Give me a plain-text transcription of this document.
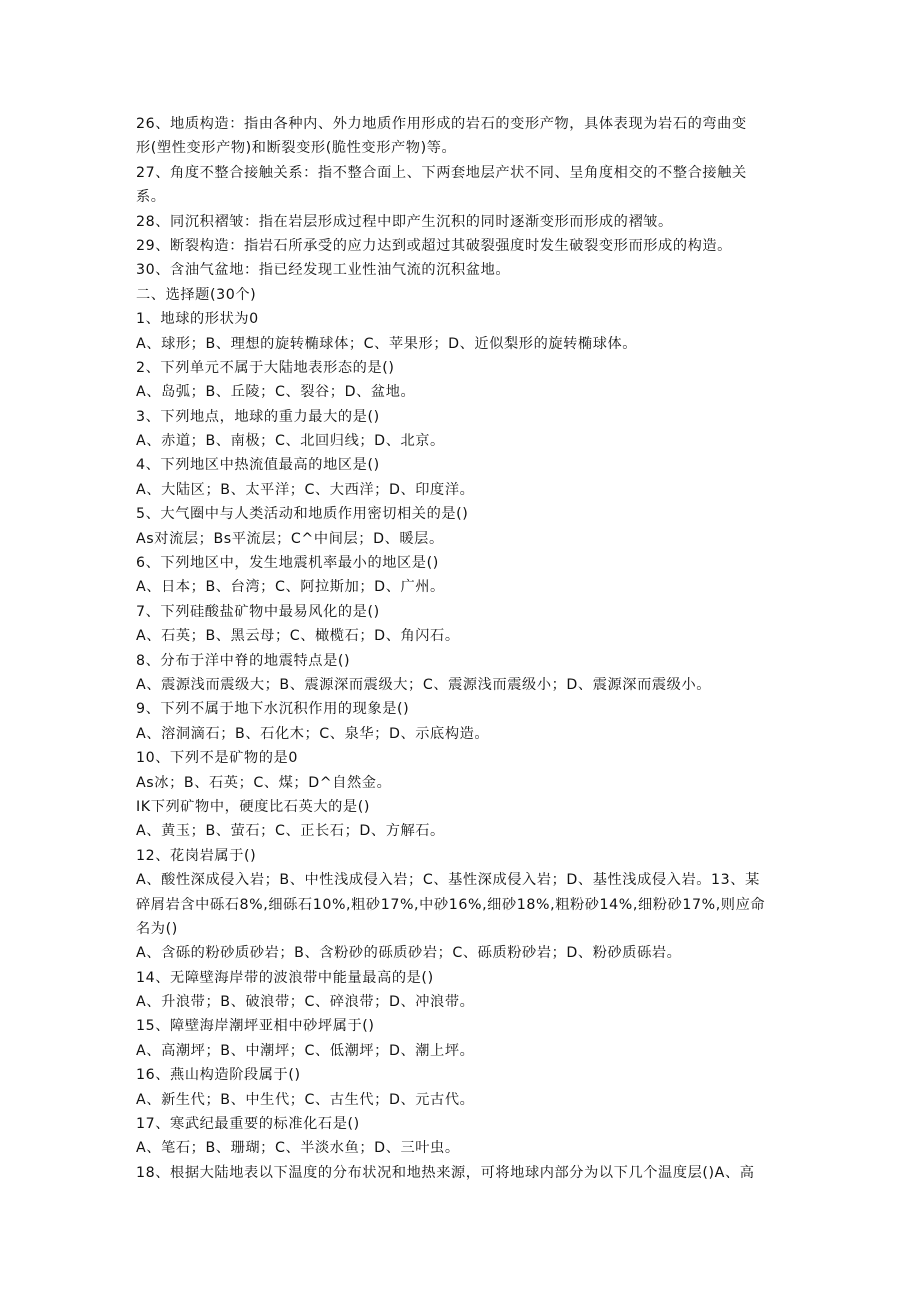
26、地质构造：指由各种内、外力地质作用形成的岩石的变形产物，具体表现为岩石的弯曲变
形(塑性变形产物)和断裂变形(脆性变形产物)等。
27、角度不整合接触关系：指不整合面上、下两套地层产状不同、呈角度相交的不整合接触关
系。
28、同沉积褶皱：指在岩层形成过程中即产生沉积的同时逐渐变形而形成的褶皱。
29、断裂构造：指岩石所承受的应力达到或超过其破裂强度时发生破裂变形而形成的构造。
30、含油气盆地：指已经发现工业性油气流的沉积盆地。
二、选择题(30个)
1、地球的形状为0
A、球形；B、理想的旋转椭球体；C、苹果形；D、近似梨形的旋转椭球体。
2、下列单元不属于大陆地表形态的是()
A、岛弧；B、丘陵；C、裂谷；D、盆地。
3、下列地点，地球的重力最大的是()
A、赤道；B、南极；C、北回归线；D、北京。
4、下列地区中热流值最高的地区是()
A、大陆区；B、太平洋；C、大西洋；D、印度洋。
5、大气圈中与人类活动和地质作用密切相关的是()
As对流层；Bs平流层；C^中间层；D、暖层。
6、下列地区中，发生地震机率最小的地区是()
A、日本；B、台湾；C、阿拉斯加；D、广州。
7、下列硅酸盐矿物中最易风化的是()
A、石英；B、黑云母；C、橄榄石；D、角闪石。
8、分布于洋中脊的地震特点是()
A、震源浅而震级大；B、震源深而震级大；C、震源浅而震级小；D、震源深而震级小。
9、下列不属于地下水沉积作用的现象是()
A、溶洞滴石；B、石化木；C、泉华；D、示底构造。
10、下列不是矿物的是0
As冰；B、石英；C、煤；D^自然金。
IK下列矿物中，硬度比石英大的是()
A、黄玉；B、萤石；C、正长石；D、方解石。
12、花岗岩属于()
A、酸性深成侵入岩；B、中性浅成侵入岩；C、基性深成侵入岩；D、基性浅成侵入岩。13、某
碎屑岩含中砾石8%,细砾石10%,粗砂17%,中砂16%,细砂18%,粗粉砂14%,细粉砂17%,则应命
名为()
A、含砾的粉砂质砂岩；B、含粉砂的砾质砂岩；C、砾质粉砂岩；D、粉砂质砾岩。
14、无障壁海岸带的波浪带中能量最高的是()
A、升浪带；B、破浪带；C、碎浪带；D、冲浪带。
15、障壁海岸潮坪亚相中砂坪属于()
A、高潮坪；B、中潮坪；C、低潮坪；D、潮上坪。
16、燕山构造阶段属于()
A、新生代；B、中生代；C、古生代；D、元古代。
17、寒武纪最重要的标准化石是()
A、笔石；B、珊瑚；C、半淡水鱼；D、三叶虫。
18、根据大陆地表以下温度的分布状况和地热来源，可将地球内部分为以下几个温度层()A、高
